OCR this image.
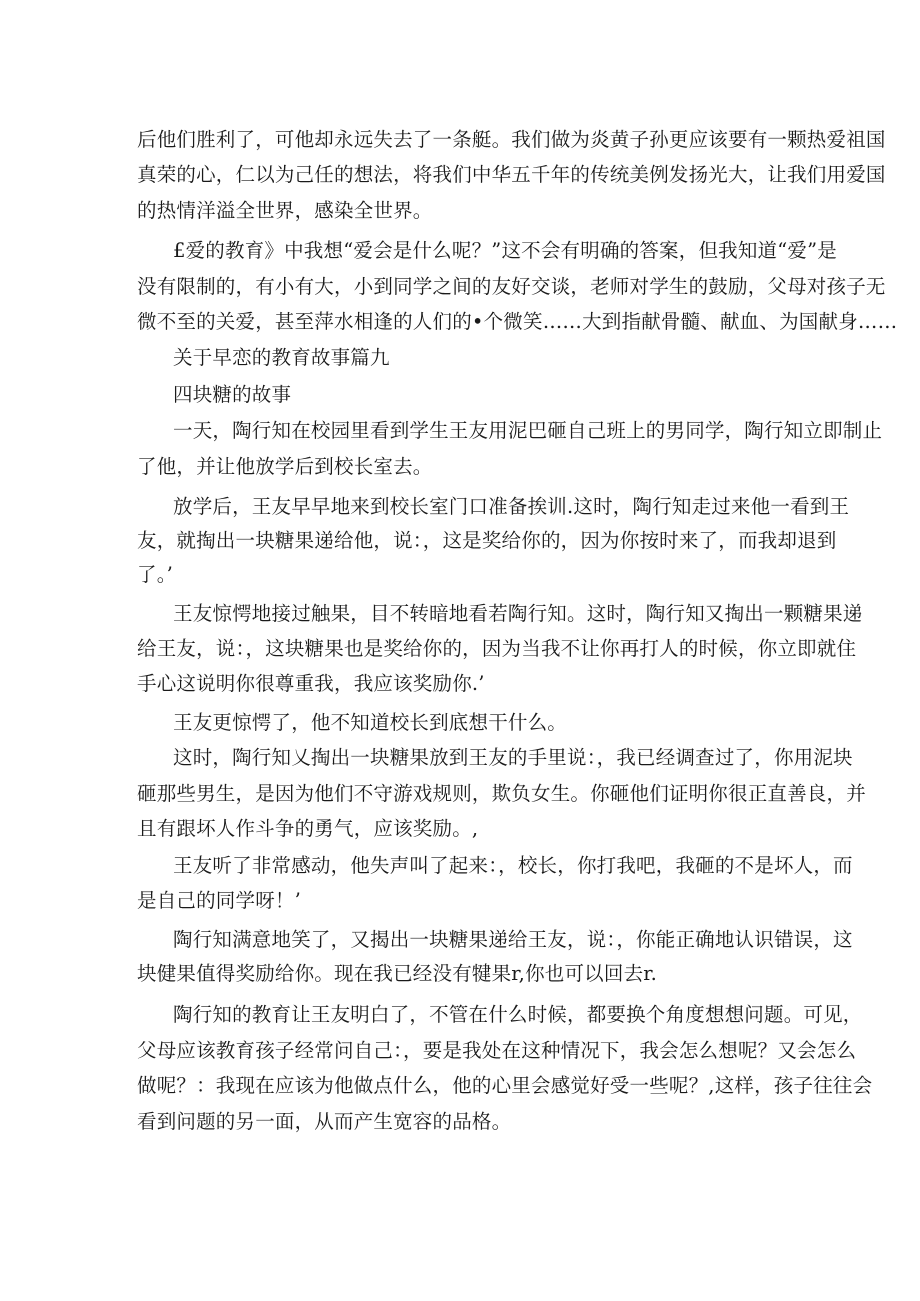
后他们胜利了，可他却永远失去了一条艇。我们做为炎黄子孙更应该要有一颗热爱祖国

真荣的心，仁以为己任的想法，将我们中华五千年的传统美例发扬光大，让我们用爱国

的热情洋溢全世界，感染全世界。

£爱的教育》中我想“爱会是什么呢？”这不会有明确的答案，但我知道“爱”是

没有限制的，有小有大，小到同学之间的友好交谈，老师对学生的鼓励，父母对孩子无

微不至的关爱，甚至萍水相逢的人们的•个微笑……大到指献骨髓、献血、为国献身……

关于早恋的教育故事篇九

四块糖的故事

一天，陶行知在校园里看到学生王友用泥巴砸自己班上的男同学，陶行知立即制止

了他，并让他放学后到校长室去。

放学后，王友早早地来到校长室门口准备挨训.这时，陶行知走过来他一看到王

友，就掏出一块糖果递给他，说：，这是奖给你的，因为你按时来了，而我却退到

了。’

王友惊愕地接过触果，目不转暗地看若陶行知。这时，陶行知又掏出一颗糖果递

给王友，说：，这块糖果也是奖给你的，因为当我不让你再打人的时候，你立即就住

手心这说明你很尊重我，我应该奖励你.’

王友更惊愕了，他不知道校长到底想干什么。

这时，陶行知乂掏出一块糖果放到王友的手里说：，我已经调查过了，你用泥块

砸那些男生，是因为他们不守游戏规则，欺负女生。你砸他们证明你很正直善良，并

且有跟坏人作斗争的勇气，应该奖励。,

王友听了非常感动，他失声叫了起来：，校长，你打我吧，我砸的不是坏人，而

是自己的同学呀！’

陶行知满意地笑了，又揭出一块糖果递给王友，说：，你能正确地认识错误，这

块健果值得奖励给你。现在我已经没有犍果r,你也可以回去r.

陶行知的教育让王友明白了，不管在什么时候，都要换个角度想想问题。可见，

父母应该教育孩子经常问自己：，要是我处在这种情况下，我会怎么想呢？又会怎么

做呢？：我现在应该为他做点什么，他的心里会感觉好受一些呢？,这样，孩子往往会

看到问题的另一面，从而产生宽容的品格。
